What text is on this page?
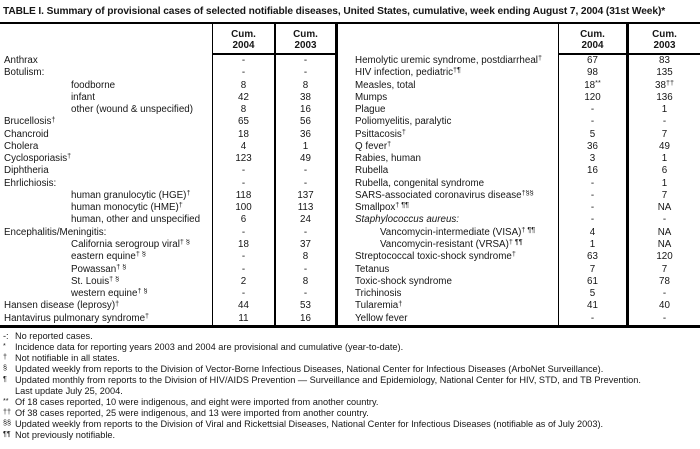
TABLE I. Summary of provisional cases of selected notifiable diseases, United States, cumulative, week ending August 7, 2004 (31st Week)*
Cum.
2004
Cum.
2003
Anthrax	-	-
Botulism:	-	-
foodborne	8	8
infant	42	38
other (wound & unspecified)	8	16
Brucellosis†	65	56
Chancroid	18	36
Cholera	4	1
Cyclosporiasis†	123	49
Diphtheria	-	-
Ehrlichiosis:	-	-
human granulocytic (HGE)†	118	137
human monocytic (HME)†	100	113
human, other and unspecified	6	24
Encephalitis/Meningitis:	-	-
California serogroup viral† §	18	37
eastern equine† §	-	8
Powassan† §	-	-
St. Louis† §	2	8
western equine† §	-	-
Hansen disease (leprosy)†	44	53
Hantavirus pulmonary syndrome†	11	16
Cum.
2004
Cum.
2003
Hemolytic uremic syndrome, postdiarrheal†	67	83
HIV infection, pediatric†¶	98	135
Measles, total	18**	38††
Mumps	120	136
Plague	-	1
Poliomyelitis, paralytic	-	-
Psittacosis†	5	7
Q fever†	36	49
Rabies, human	3	1
Rubella	16	6
Rubella, congenital syndrome	-	1
SARS-associated coronavirus disease†§§	-	7
Smallpox† ¶¶	-	NA
Staphylococcus aureus:	-	-
Vancomycin-intermediate (VISA)† ¶¶	4	NA
Vancomycin-resistant (VRSA)† ¶¶	1	NA
Streptococcal toxic-shock syndrome†	63	120
Tetanus	7	7
Toxic-shock syndrome	61	78
Trichinosis	5	-
Tularemia†	41	40
Yellow fever	-	-
-: No reported cases.
* Incidence data for reporting years 2003 and 2004 are provisional and cumulative (year-to-date).
† Not notifiable in all states.
§ Updated weekly from reports to the Division of Vector-Borne Infectious Diseases, National Center for Infectious Diseases (ArboNet Surveillance).
¶ Updated monthly from reports to the Division of HIV/AIDS Prevention — Surveillance and Epidemiology, National Center for HIV, STD, and TB Prevention.
Last update July 25, 2004.
** Of 18 cases reported, 10 were indigenous, and eight were imported from another country.
†† Of 38 cases reported, 25 were indigenous, and 13 were imported from another country.
§§ Updated weekly from reports to the Division of Viral and Rickettsial Diseases, National Center for Infectious Diseases (notifiable as of July 2003).
¶¶ Not previously notifiable.
